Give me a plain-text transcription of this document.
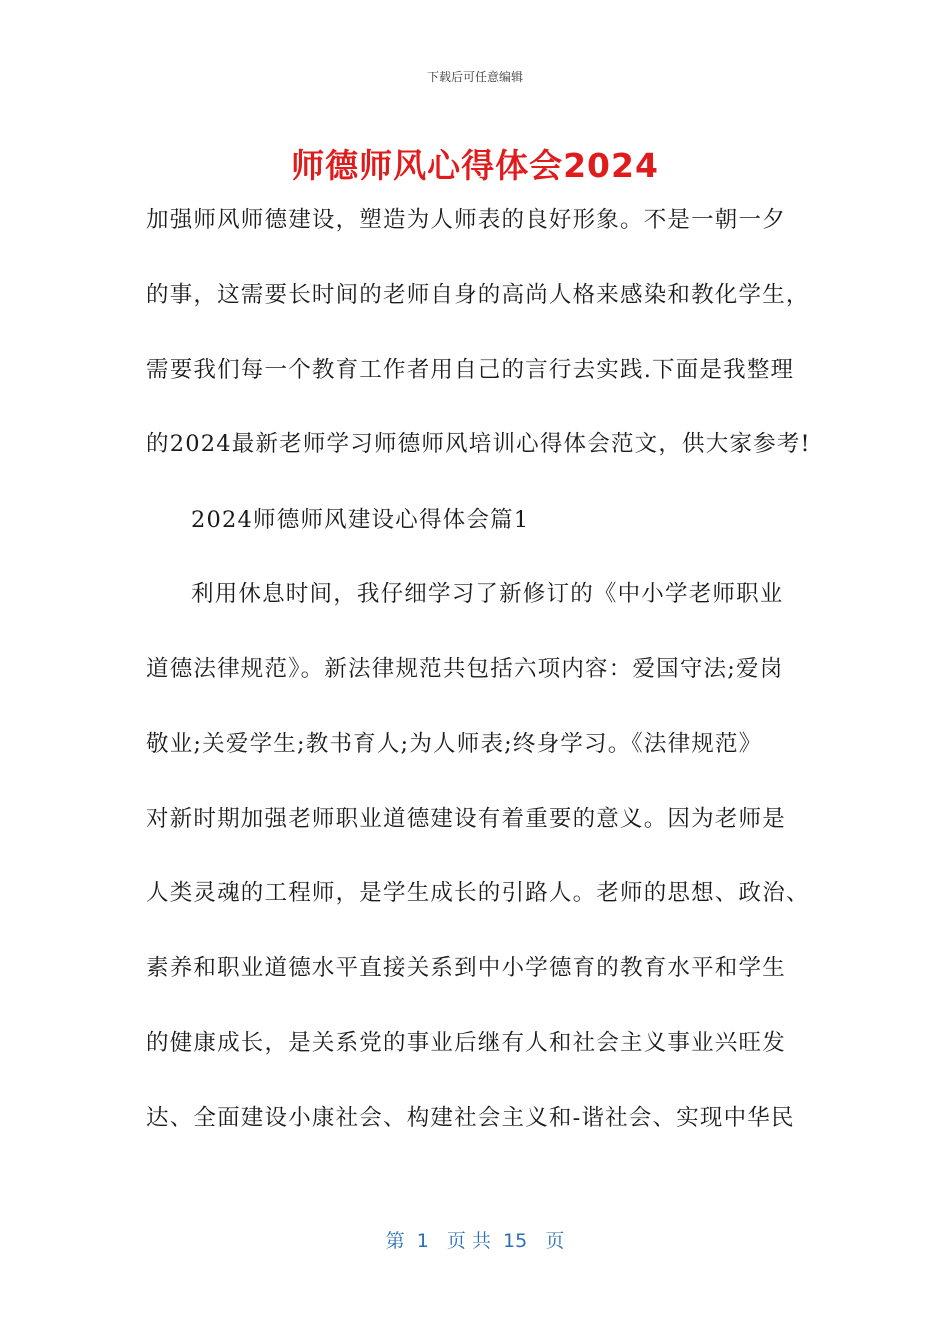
下载后可任意编辑
师德师风心得体会2024
加强师风师德建设，塑造为人师表的良好形象。不是一朝一夕
的事，这需要长时间的老师自身的高尚人格来感染和教化学生，
需要我们每一个教育工作者用自己的言行去实践.下面是我整理
的2024最新老师学习师德师风培训心得体会范文，供大家参考!
2024师德师风建设心得体会篇1
利用休息时间，我仔细学习了新修订的《中小学老师职业
道德法律规范》。新法律规范共包括六项内容：爱国守法;爱岗
敬业;关爱学生;教书育人;为人师表;终身学习。《法律规范》
对新时期加强老师职业道德建设有着重要的意义。因为老师是
人类灵魂的工程师，是学生成长的引路人。老师的思想、政治、
素养和职业道德水平直接关系到中小学德育的教育水平和学生
的健康成长，是关系党的事业后继有人和社会主义事业兴旺发
达、全面建设小康社会、构建社会主义和-谐社会、实现中华民
第  1   页 共  15   页
